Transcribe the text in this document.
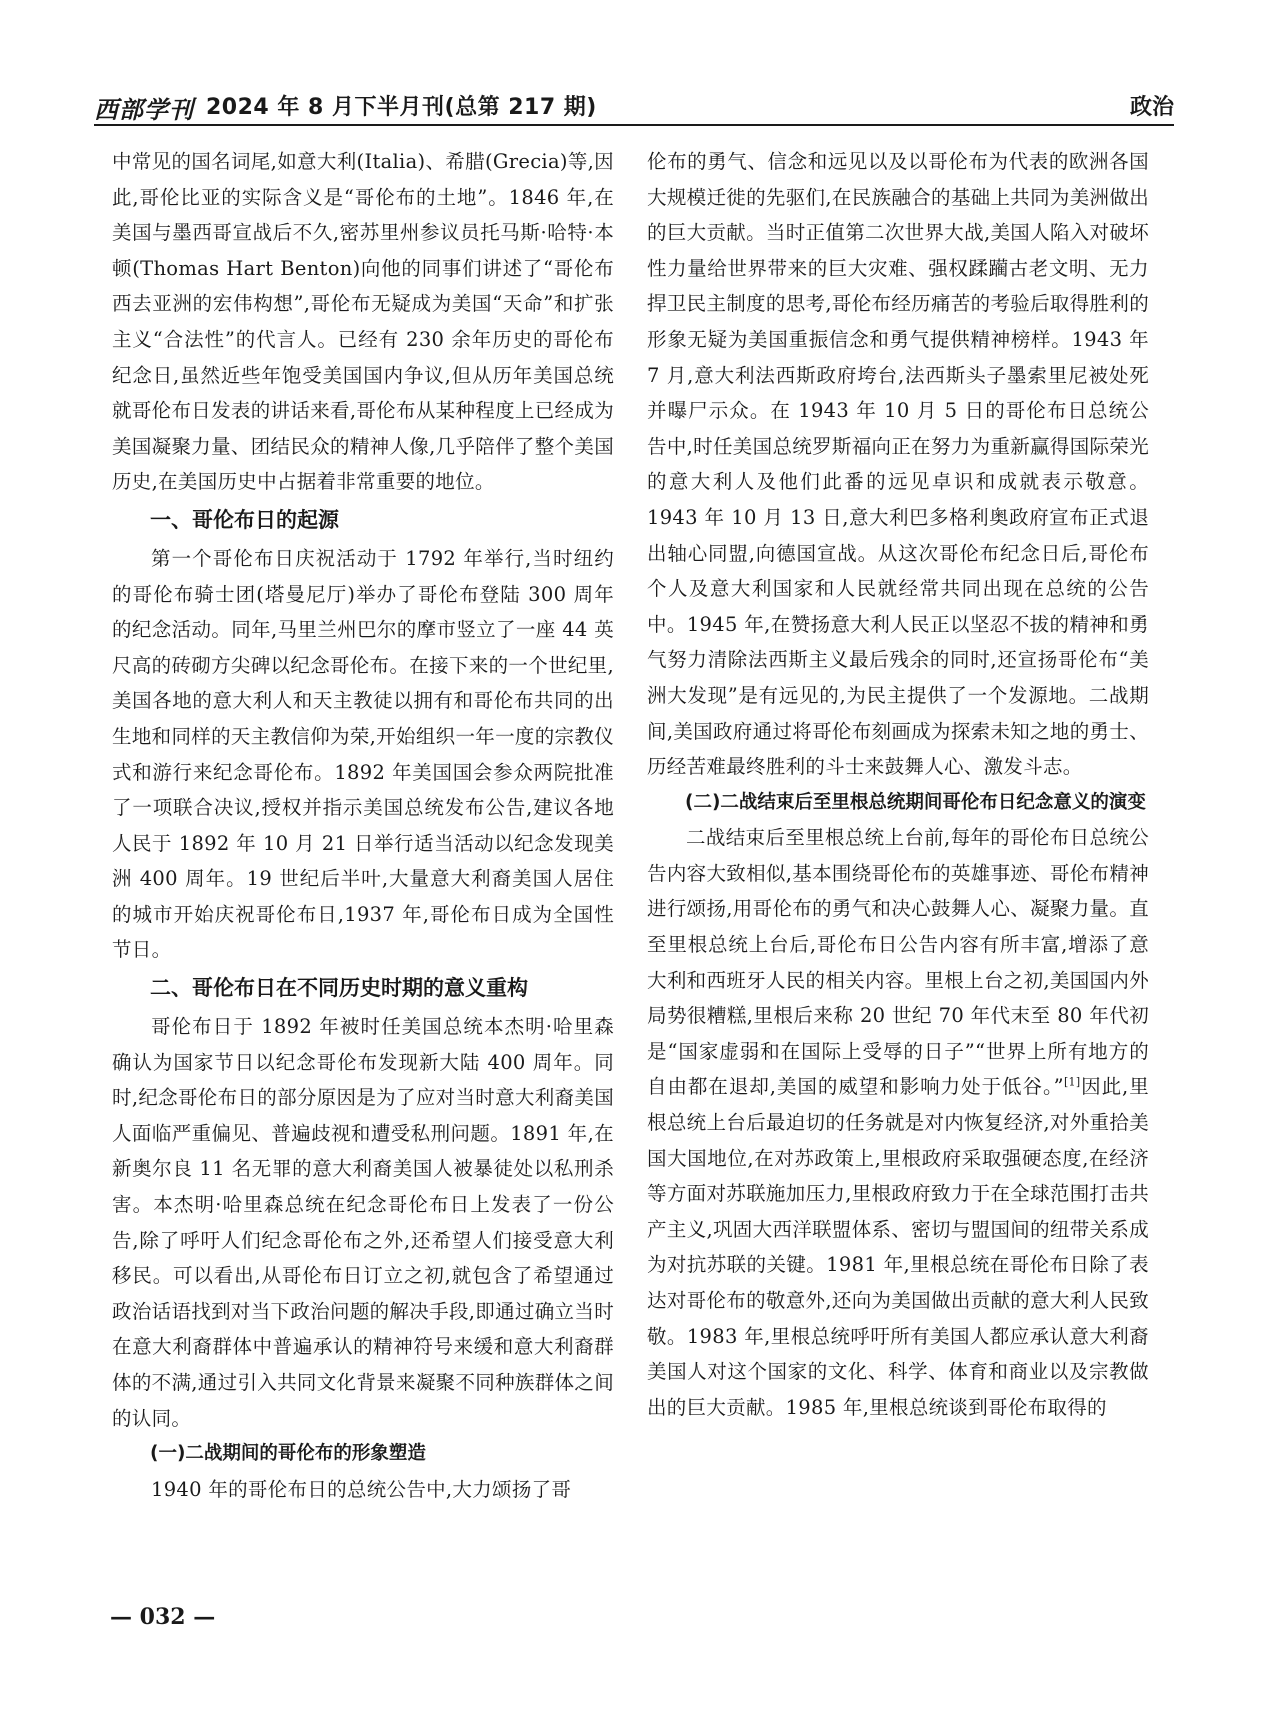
西部学刊 2024 年 8 月下半月刊(总第 217 期)	政治

中常见的国名词尾,如意大利(Italia)、希腊(Grecia)等,因此,哥伦比亚的实际含义是“哥伦布的土地”。1846 年,在美国与墨西哥宣战后不久,密苏里州参议员托马斯·哈特·本顿(Thomas Hart Benton)向他的同事们讲述了“哥伦布西去亚洲的宏伟构想”,哥伦布无疑成为美国“天命”和扩张主义“合法性”的代言人。已经有 230 余年历史的哥伦布纪念日,虽然近些年饱受美国国内争议,但从历年美国总统就哥伦布日发表的讲话来看,哥伦布从某种程度上已经成为美国凝聚力量、团结民众的精神人像,几乎陪伴了整个美国历史,在美国历史中占据着非常重要的地位。

一、哥伦布日的起源

第一个哥伦布日庆祝活动于 1792 年举行,当时纽约的哥伦布骑士团(塔曼尼厅)举办了哥伦布登陆 300 周年的纪念活动。同年,马里兰州巴尔的摩市竖立了一座 44 英尺高的砖砌方尖碑以纪念哥伦布。在接下来的一个世纪里,美国各地的意大利人和天主教徒以拥有和哥伦布共同的出生地和同样的天主教信仰为荣,开始组织一年一度的宗教仪式和游行来纪念哥伦布。1892 年美国国会参众两院批准了一项联合决议,授权并指示美国总统发布公告,建议各地人民于 1892 年 10 月 21 日举行适当活动以纪念发现美洲 400 周年。19 世纪后半叶,大量意大利裔美国人居住的城市开始庆祝哥伦布日,1937 年,哥伦布日成为全国性节日。

二、哥伦布日在不同历史时期的意义重构

哥伦布日于 1892 年被时任美国总统本杰明·哈里森确认为国家节日以纪念哥伦布发现新大陆 400 周年。同时,纪念哥伦布日的部分原因是为了应对当时意大利裔美国人面临严重偏见、普遍歧视和遭受私刑问题。1891 年,在新奥尔良 11 名无罪的意大利裔美国人被暴徒处以私刑杀害。本杰明·哈里森总统在纪念哥伦布日上发表了一份公告,除了呼吁人们纪念哥伦布之外,还希望人们接受意大利移民。可以看出,从哥伦布日订立之初,就包含了希望通过政治话语找到对当下政治问题的解决手段,即通过确立当时在意大利裔群体中普遍承认的精神符号来缓和意大利裔群体的不满,通过引入共同文化背景来凝聚不同种族群体之间的认同。

(一)二战期间的哥伦布的形象塑造

1940 年的哥伦布日的总统公告中,大力颂扬了哥

伦布的勇气、信念和远见以及以哥伦布为代表的欧洲各国大规模迁徙的先驱们,在民族融合的基础上共同为美洲做出的巨大贡献。当时正值第二次世界大战,美国人陷入对破坏性力量给世界带来的巨大灾难、强权蹂躏古老文明、无力捍卫民主制度的思考,哥伦布经历痛苦的考验后取得胜利的形象无疑为美国重振信念和勇气提供精神榜样。1943 年 7 月,意大利法西斯政府垮台,法西斯头子墨索里尼被处死并曝尸示众。在 1943 年 10 月 5 日的哥伦布日总统公告中,时任美国总统罗斯福向正在努力为重新赢得国际荣光的意大利人及他们此番的远见卓识和成就表示敬意。1943 年 10 月 13 日,意大利巴多格利奥政府宣布正式退出轴心同盟,向德国宣战。从这次哥伦布纪念日后,哥伦布个人及意大利国家和人民就经常共同出现在总统的公告中。1945 年,在赞扬意大利人民正以坚忍不拔的精神和勇气努力清除法西斯主义最后残余的同时,还宣扬哥伦布“美洲大发现”是有远见的,为民主提供了一个发源地。二战期间,美国政府通过将哥伦布刻画成为探索未知之地的勇士、历经苦难最终胜利的斗士来鼓舞人心、激发斗志。

(二)二战结束后至里根总统期间哥伦布日纪念意义的演变

二战结束后至里根总统上台前,每年的哥伦布日总统公告内容大致相似,基本围绕哥伦布的英雄事迹、哥伦布精神进行颂扬,用哥伦布的勇气和决心鼓舞人心、凝聚力量。直至里根总统上台后,哥伦布日公告内容有所丰富,增添了意大利和西班牙人民的相关内容。里根上台之初,美国国内外局势很糟糕,里根后来称 20 世纪 70 年代末至 80 年代初是“国家虚弱和在国际上受辱的日子”“世界上所有地方的自由都在退却,美国的威望和影响力处于低谷。”[1]因此,里根总统上台后最迫切的任务就是对内恢复经济,对外重拾美国大国地位,在对苏政策上,里根政府采取强硬态度,在经济等方面对苏联施加压力,里根政府致力于在全球范围打击共产主义,巩固大西洋联盟体系、密切与盟国间的纽带关系成为对抗苏联的关键。1981 年,里根总统在哥伦布日除了表达对哥伦布的敬意外,还向为美国做出贡献的意大利人民致敬。1983 年,里根总统呼吁所有美国人都应承认意大利裔美国人对这个国家的文化、科学、体育和商业以及宗教做出的巨大贡献。1985 年,里根总统谈到哥伦布取得的

— 032 —
